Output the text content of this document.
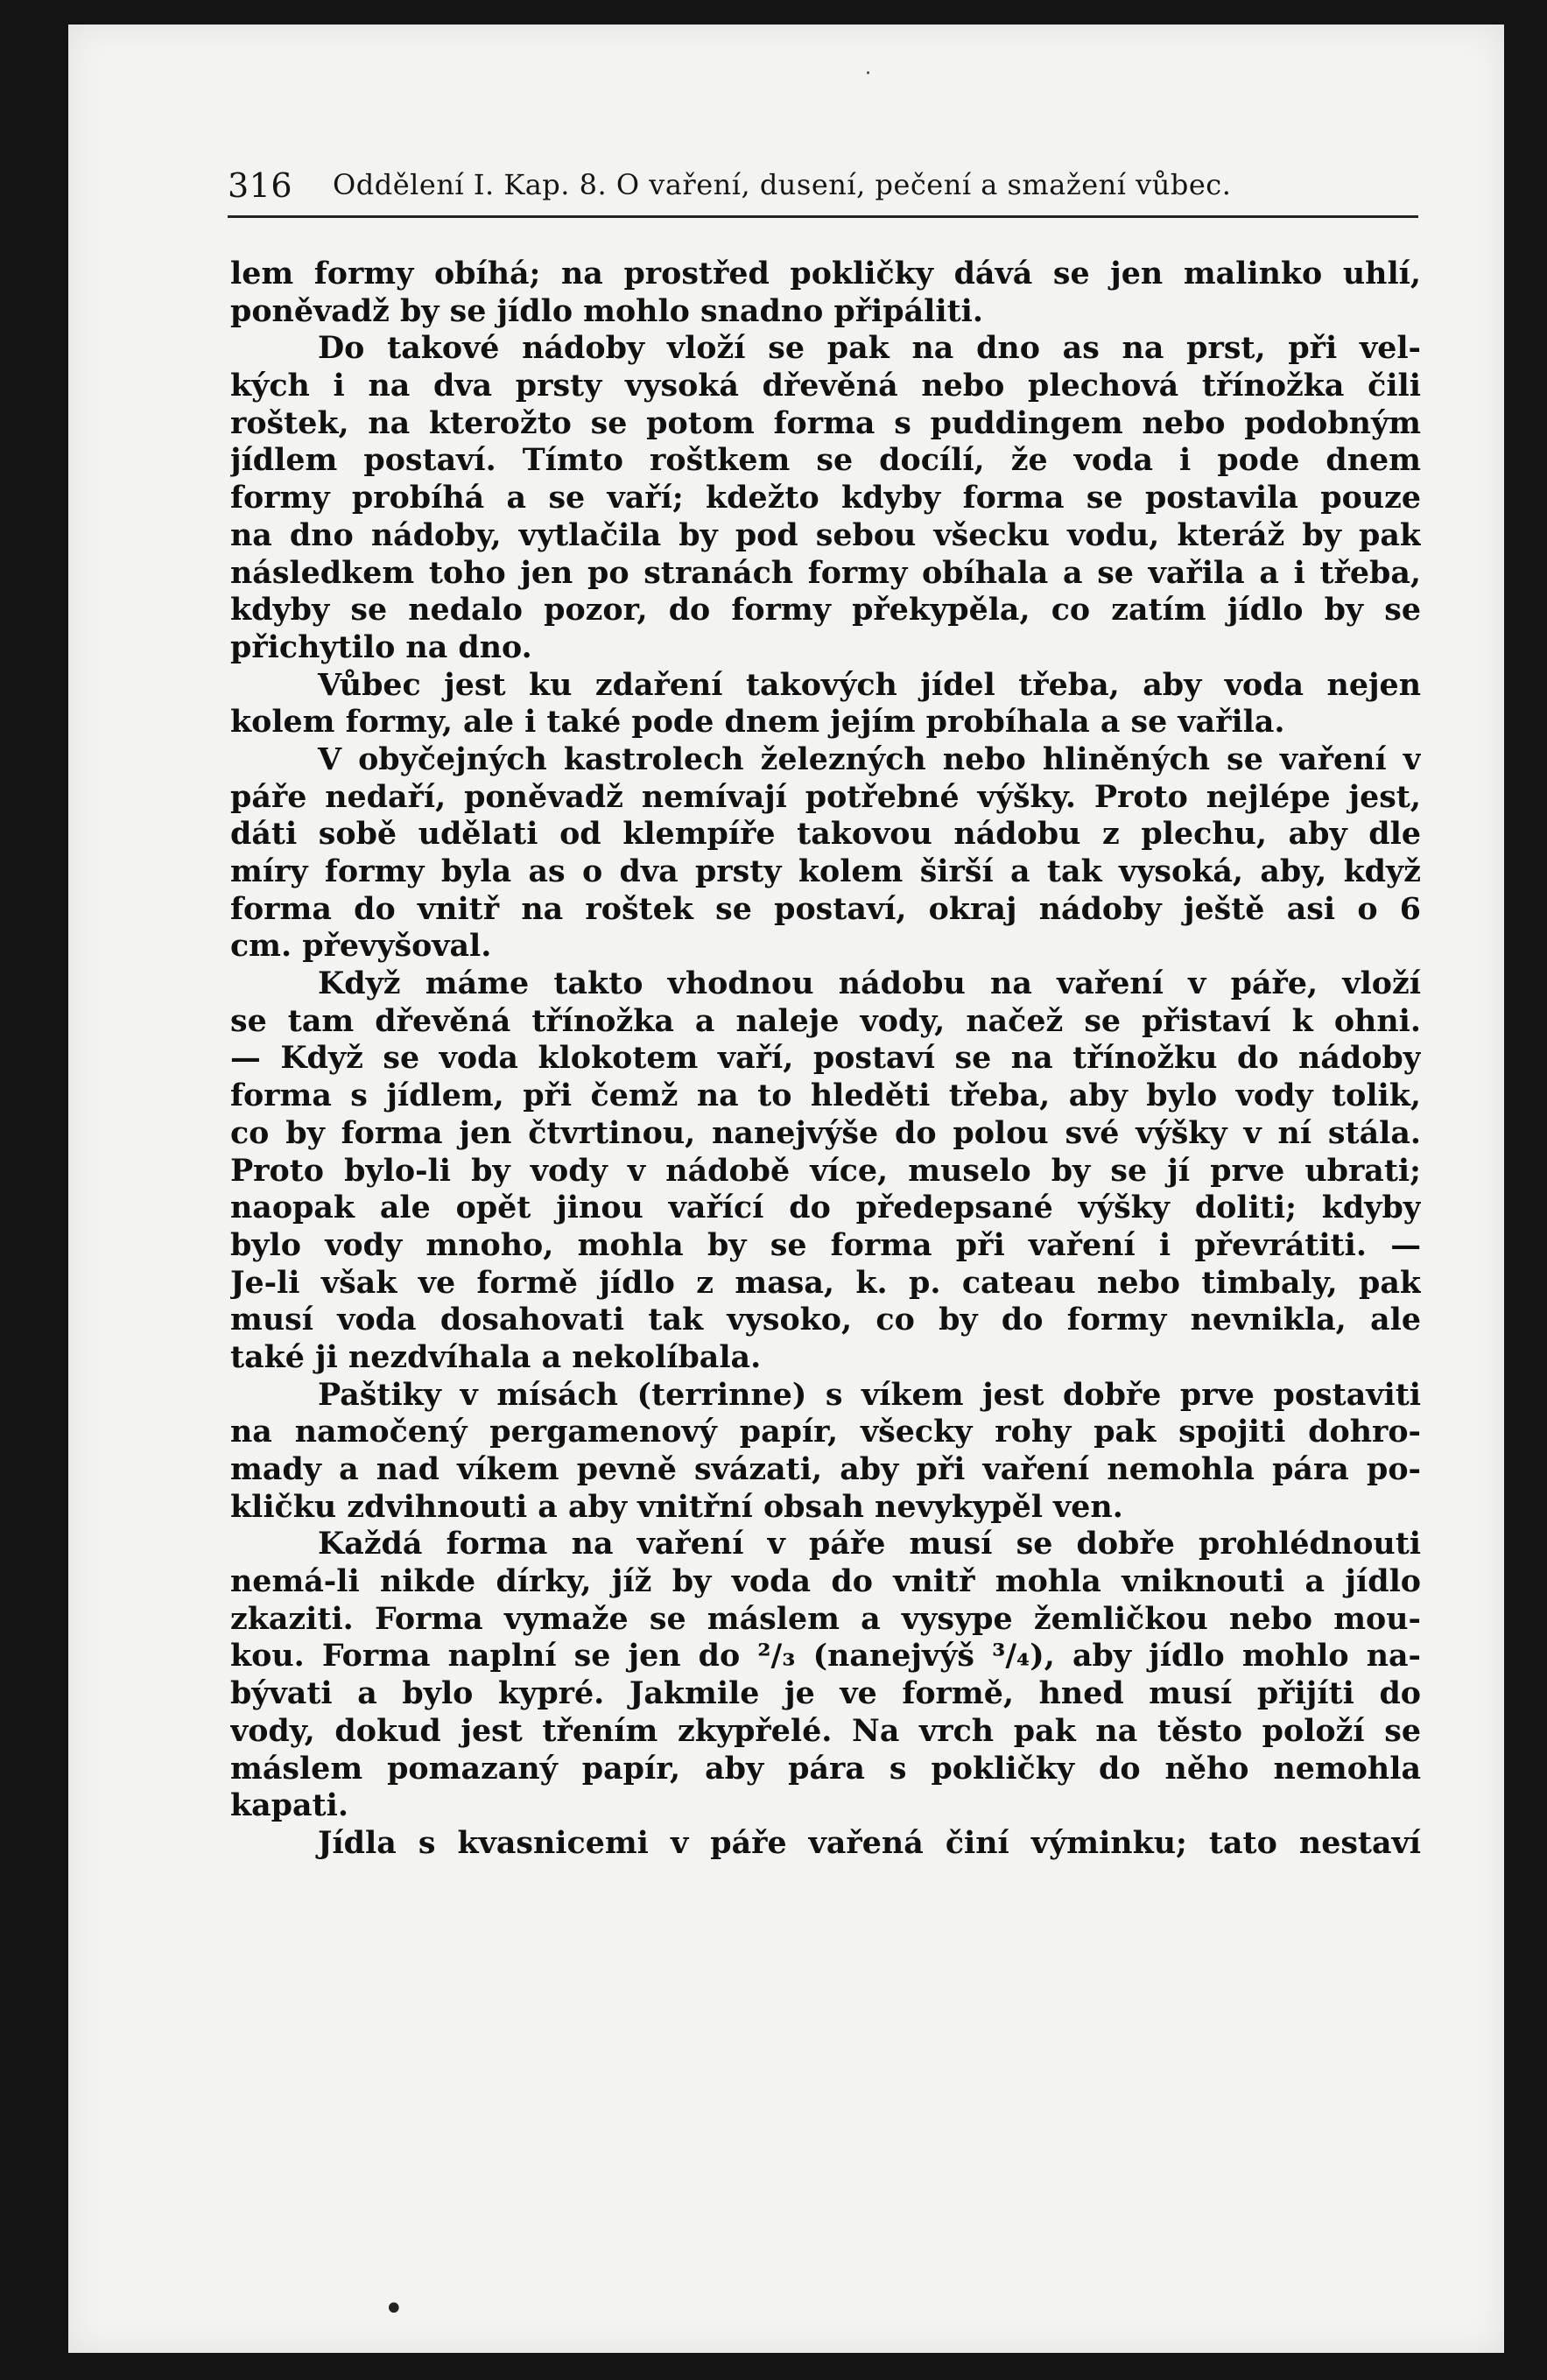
316 Oddělení I. Kap. 8. O vaření, dusení, pečení a smažení vůbec.
lem formy obíhá; na prostřed pokličky dává se jen malinko uhlí,
poněvadž by se jídlo mohlo snadno připáliti.
Do takové nádoby vloží se pak na dno as na prst, při vel-
kých i na dva prsty vysoká dřevěná nebo plechová třínožka čili
roštek, na kterožto se potom forma s puddingem nebo podobným
jídlem postaví. Tímto roštkem se docílí, že voda i pode dnem
formy probíhá a se vaří; kdežto kdyby forma se postavila pouze
na dno nádoby, vytlačila by pod sebou všecku vodu, kteráž by pak
následkem toho jen po stranách formy obíhala a se vařila a i třeba,
kdyby se nedalo pozor, do formy překypěla, co zatím jídlo by se
přichytilo na dno.
Vůbec jest ku zdaření takových jídel třeba, aby voda nejen
kolem formy, ale i také pode dnem jejím probíhala a se vařila.
V obyčejných kastrolech železných nebo hliněných se vaření v
páře nedaří, poněvadž nemívají potřebné výšky. Proto nejlépe jest,
dáti sobě udělati od klempíře takovou nádobu z plechu, aby dle
míry formy byla as o dva prsty kolem širší a tak vysoká, aby, když
forma do vnitř na roštek se postaví, okraj nádoby ještě asi o 6
cm. převyšoval.
Když máme takto vhodnou nádobu na vaření v páře, vloží
se tam dřevěná třínožka a naleje vody, načež se přistaví k ohni.
— Když se voda klokotem vaří, postaví se na třínožku do nádoby
forma s jídlem, při čemž na to hleděti třeba, aby bylo vody tolik,
co by forma jen čtvrtinou, nanejvýše do polou své výšky v ní stála.
Proto bylo-li by vody v nádobě více, muselo by se jí prve ubrati;
naopak ale opět jinou vařící do předepsané výšky doliti; kdyby
bylo vody mnoho, mohla by se forma při vaření i převrátiti. —
Je-li však ve formě jídlo z masa, k. p. cateau nebo timbaly, pak
musí voda dosahovati tak vysoko, co by do formy nevnikla, ale
také ji nezdvíhala a nekolíbala.
Paštiky v mísách (terrinne) s víkem jest dobře prve postaviti
na namočený pergamenový papír, všecky rohy pak spojiti dohro-
mady a nad víkem pevně svázati, aby při vaření nemohla pára po-
kličku zdvihnouti a aby vnitřní obsah nevykypěl ven.
Každá forma na vaření v páře musí se dobře prohlédnouti
nemá-li nikde dírky, jíž by voda do vnitř mohla vniknouti a jídlo
zkaziti. Forma vymaže se máslem a vysype žemličkou nebo mou-
kou. Forma naplní se jen do ²/₃ (nanejvýš ³/₄), aby jídlo mohlo na-
bývati a bylo kypré. Jakmile je ve formě, hned musí přijíti do
vody, dokud jest třením zkypřelé. Na vrch pak na těsto položí se
máslem pomazaný papír, aby pára s pokličky do něho nemohla
kapati.
Jídla s kvasnicemi v páře vařená činí výminku; tato nestaví
·
•
